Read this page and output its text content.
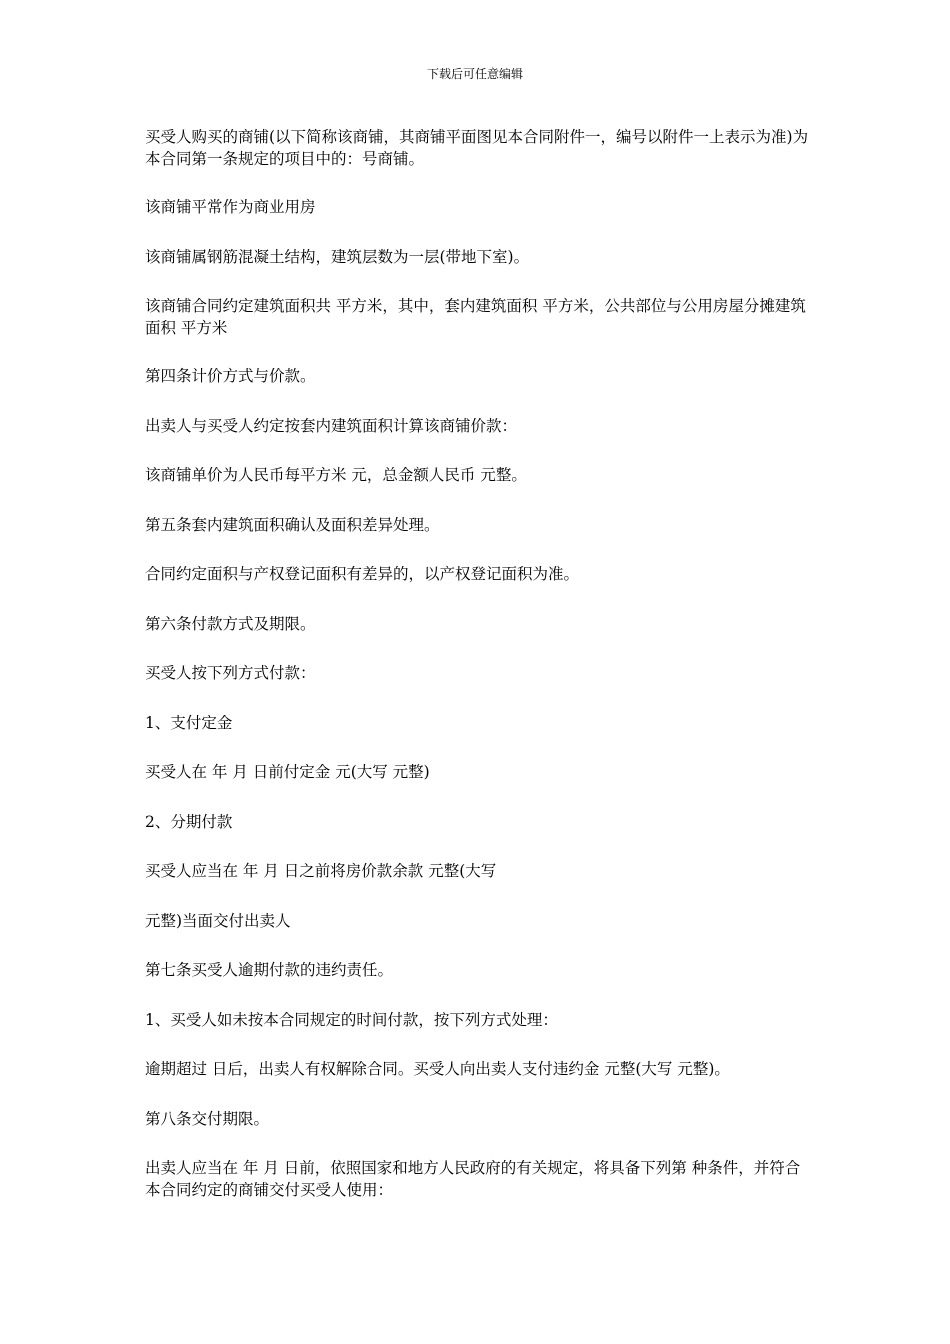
下载后可任意编辑

买受人购买的商铺(以下简称该商铺，其商铺平面图见本合同附件一，编号以附件一上表示为准)为本合同第一条规定的项目中的：号商铺。

该商铺平常作为商业用房

该商铺属钢筋混凝土结构，建筑层数为一层(带地下室)。

该商铺合同约定建筑面积共 平方米，其中，套内建筑面积 平方米，公共部位与公用房屋分摊建筑面积 平方米

第四条计价方式与价款。

出卖人与买受人约定按套内建筑面积计算该商铺价款：

该商铺单价为人民币每平方米 元，总金额人民币 元整。

第五条套内建筑面积确认及面积差异处理。

合同约定面积与产权登记面积有差异的，以产权登记面积为准。

第六条付款方式及期限。

买受人按下列方式付款：

1、支付定金

买受人在 年 月 日前付定金 元(大写 元整)

2、分期付款

买受人应当在 年 月 日之前将房价款余款 元整(大写

元整)当面交付出卖人

第七条买受人逾期付款的违约责任。

1、买受人如未按本合同规定的时间付款，按下列方式处理：

逾期超过 日后，出卖人有权解除合同。买受人向出卖人支付违约金 元整(大写 元整)。

第八条交付期限。

出卖人应当在 年 月 日前，依照国家和地方人民政府的有关规定，将具备下列第 种条件，并符合本合同约定的商铺交付买受人使用：
